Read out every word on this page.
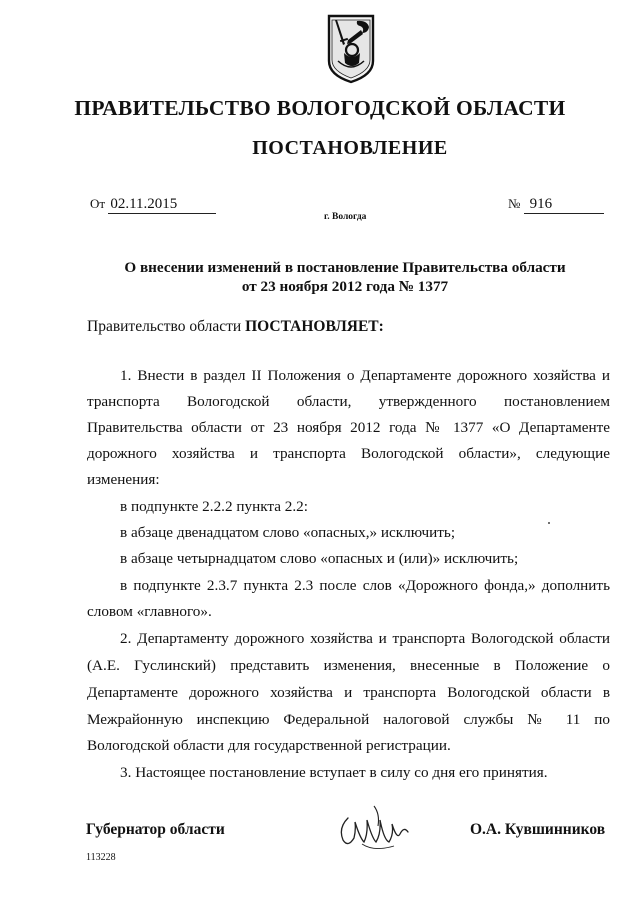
ПРАВИТЕЛЬСТВО ВОЛОГОДСКОЙ ОБЛАСТИ
ПОСТАНОВЛЕНИЕ
От 02.11.2015	№ 916
г. Вологда
О внесении изменений в постановление Правительства области
от 23 ноября 2012 года № 1377
Правительство области ПОСТАНОВЛЯЕТ:
1. Внести в раздел II Положения о Департаменте дорожного хозяйства и
транспорта Вологодской области, утвержденного постановлением
Правительства области от 23 ноября 2012 года № 1377 «О Департаменте
дорожного хозяйства и транспорта Вологодской области», следующие
изменения:
в подпункте 2.2.2 пункта 2.2:
в абзаце двенадцатом слово «опасных,» исключить;
в абзаце четырнадцатом слово «опасных и (или)» исключить;
в подпункте 2.3.7 пункта 2.3 после слов «Дорожного фонда,» дополнить
словом «главного».
2. Департаменту дорожного хозяйства и транспорта Вологодской области
(А.Е. Гуслинский) представить изменения, внесенные в Положение о
Департаменте дорожного хозяйства и транспорта Вологодской области в
Межрайонную инспекцию Федеральной налоговой службы № 11 по
Вологодской области для государственной регистрации.
3. Настоящее постановление вступает в силу со дня его принятия.
Губернатор области	О.А. Кувшинников
113228
